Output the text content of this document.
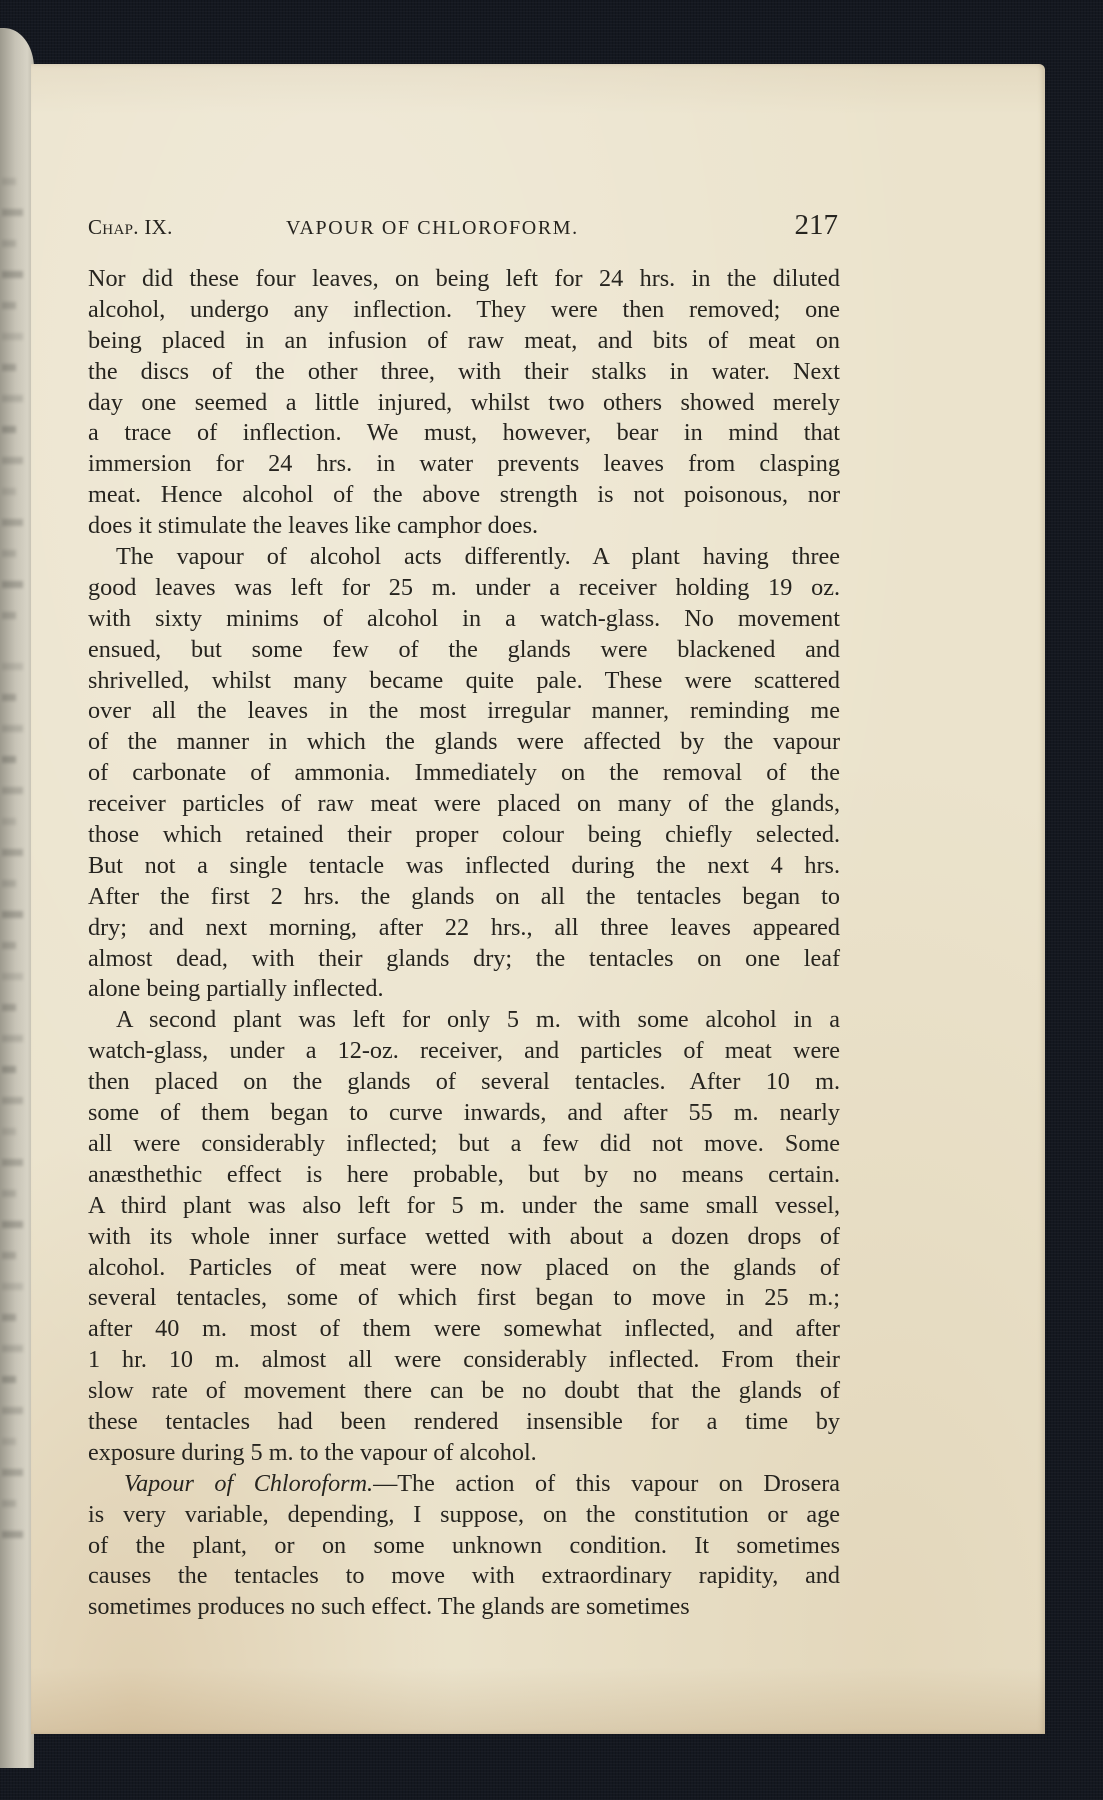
Chap. IX.	VAPOUR OF CHLOROFORM.	217
Nor did these four leaves, on being left for 24 hrs. in the diluted
alcohol, undergo any inflection. They were then removed; one
being placed in an infusion of raw meat, and bits of meat on
the discs of the other three, with their stalks in water. Next
day one seemed a little injured, whilst two others showed merely
a trace of inflection. We must, however, bear in mind that
immersion for 24 hrs. in water prevents leaves from clasping
meat. Hence alcohol of the above strength is not poisonous, nor
does it stimulate the leaves like camphor does.
The vapour of alcohol acts differently. A plant having three
good leaves was left for 25 m. under a receiver holding 19 oz.
with sixty minims of alcohol in a watch-glass. No movement
ensued, but some few of the glands were blackened and
shrivelled, whilst many became quite pale. These were scattered
over all the leaves in the most irregular manner, reminding me
of the manner in which the glands were affected by the vapour
of carbonate of ammonia. Immediately on the removal of the
receiver particles of raw meat were placed on many of the glands,
those which retained their proper colour being chiefly selected.
But not a single tentacle was inflected during the next 4 hrs.
After the first 2 hrs. the glands on all the tentacles began to
dry; and next morning, after 22 hrs., all three leaves appeared
almost dead, with their glands dry; the tentacles on one leaf
alone being partially inflected.
A second plant was left for only 5 m. with some alcohol in a
watch-glass, under a 12-oz. receiver, and particles of meat were
then placed on the glands of several tentacles. After 10 m.
some of them began to curve inwards, and after 55 m. nearly
all were considerably inflected; but a few did not move. Some
anæsthethic effect is here probable, but by no means certain.
A third plant was also left for 5 m. under the same small vessel,
with its whole inner surface wetted with about a dozen drops of
alcohol. Particles of meat were now placed on the glands of
several tentacles, some of which first began to move in 25 m.;
after 40 m. most of them were somewhat inflected, and after
1 hr. 10 m. almost all were considerably inflected. From their
slow rate of movement there can be no doubt that the glands of
these tentacles had been rendered insensible for a time by
exposure during 5 m. to the vapour of alcohol.
Vapour of Chloroform.—The action of this vapour on Drosera
is very variable, depending, I suppose, on the constitution or age
of the plant, or on some unknown condition. It sometimes
causes the tentacles to move with extraordinary rapidity, and
sometimes produces no such effect. The glands are sometimes
